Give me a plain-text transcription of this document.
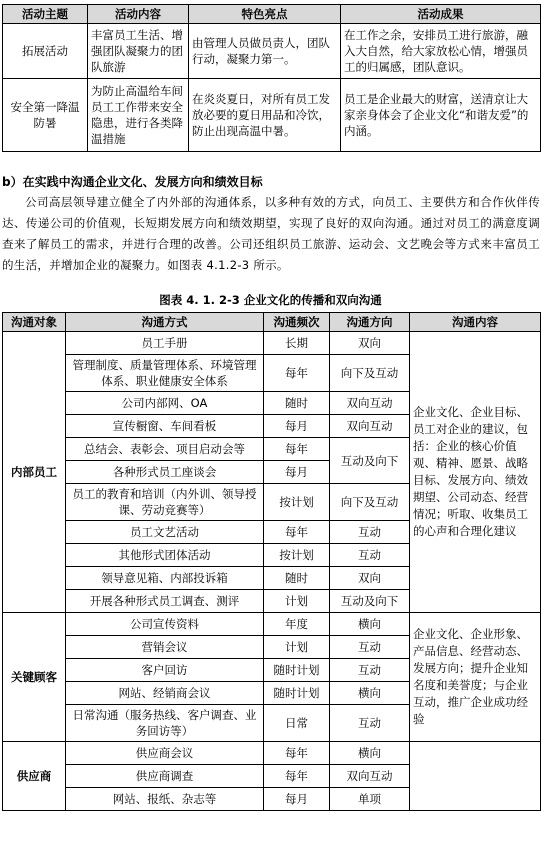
活动主题	活动内容	特色亮点	活动成果
拓展活动	丰富员工生活、增强团队凝聚力的团队旅游	由管理人员做员责人，团队行动，凝聚力第一。	在工作之余，安排员工进行旅游，融入大自然，给大家放松心情，增强员工的归属感，团队意识。
安全第一降温防暑	为防止高温给车间员工工作带来安全隐患，进行各类降温措施	在炎炎夏日，对所有员工发放必要的夏日用品和冷饮，防止出现高温中暑。	员工是企业最大的财富，送清京让大家亲身体会了企业文化“和谐友爱”的内涵。
b）在实践中沟通企业文化、发展方向和绩效目标
公司高层领导建立健全了内外部的沟通体系，以多种有效的方式，向员工、主要供方和合作伙伴传达、传递公司的价值观，长短期发展方向和绩效期望，实现了良好的双向沟通。通过对员工的满意度调查来了解员工的需求，并进行合理的改善。公司还组织员工旅游、运动会、文艺晚会等方式来丰富员工的生活，并增加企业的凝聚力。如图表 4.1.2-3 所示。
图表 4. 1. 2-3 企业文化的传播和双向沟通
沟通对象	沟通方式	沟通频次	沟通方向	沟通内容
内部员工	员工手册	长期	双向	企业文化、企业目标、员工对企业的建议，包括：企业的核心价值观、精神、愿景、战略目标、发展方向、绩效期望、公司动态、经营情况；听取、收集员工的心声和合理化建议
	管理制度、质量管理体系、环境管理体系、职业健康安全体系	每年	向下及互动	
	公司内部网、OA	随时	双向互动	
	宣传橱窗、车间看板	每月	双向互动	
	总结会、表彰会、项目启动会等	每年	互动及向下	
	各种形式员工座谈会	每月		
	员工的教育和培训（内外训、领导授课、劳动竞赛等）	按计划	向下及互动	
	员工文艺活动	每年	互动	
	其他形式团体活动	按计划	互动	
	领导意见箱、内部投诉箱	随时	双向	
	开展各种形式员工调查、测评	计划	互动及向下	
关键顾客	公司宣传资料	年度	横向	企业文化、企业形象、产品信息、经营动态、发展方向；提升企业知名度和美誉度；与企业互动，推广企业成功经验
	营销会议	计划	互动	
	客户回访	随时计划	互动	
	网站、经销商会议	随时计划	横向	
	日常沟通（服务热线、客户调查、业务回访等）	日常	互动	
供应商	供应商会议	每年	横向	
	供应商调查	每年	双向互动	
	网站、报纸、杂志等	每月	单项	
